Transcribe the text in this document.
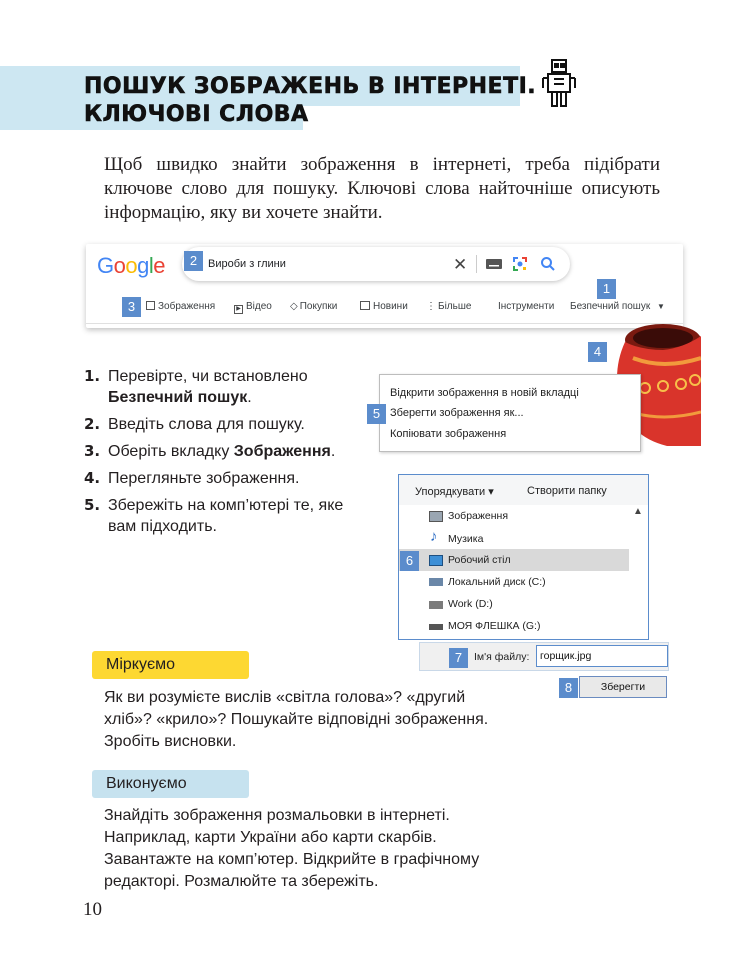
ПОШУК ЗОБРАЖЕНЬ В ІНТЕРНЕТІ.
КЛЮЧОВІ СЛОВА

Щоб швидко знайти зображення в інтернеті, треба підібрати ключове слово для пошуку. Ключові слова найточніше описують інформацію, яку ви хочете знайти.

Google	Вироби з глини	✕
Зображення	▶ Відео ◇ Покупки	Новини ⋮ Більше	Інструменти Безпечний пошук ▼
2
3
1
4
1. Перевірте, чи встановлено Безпечний пошук.
2. Введіть слова для пошуку.
3. Оберіть вкладку Зображення.
4. Перегляньте зображення.
5. Збережіть на комп’ютері те, яке вам підходить.
Відкрити зображення в новій вкладці
Зберегти зображення як...
Копіювати зображення
5
Упорядкувати ▾	Створити папку
▲
Зображення
♪ Музика
Робочий стіл
Локальний диск (C:)
Work (D:)
МОЯ ФЛЕШКА (G:)
6
Ім'я файлу:	горщик.jpg
7
Зберегти
8
Міркуємо
Як ви розумієте вислів «світла голова»? «другий
хліб»? «крило»? Пошукайте відповідні зображення.
Зробіть висновки.
Виконуємо
Знайдіть зображення розмальовки в інтернеті.
Наприклад, карти України або карти скарбів.
Завантажте на комп’ютер. Відкрийте в графічному
редакторі. Розмалюйте та збережіть.
10
